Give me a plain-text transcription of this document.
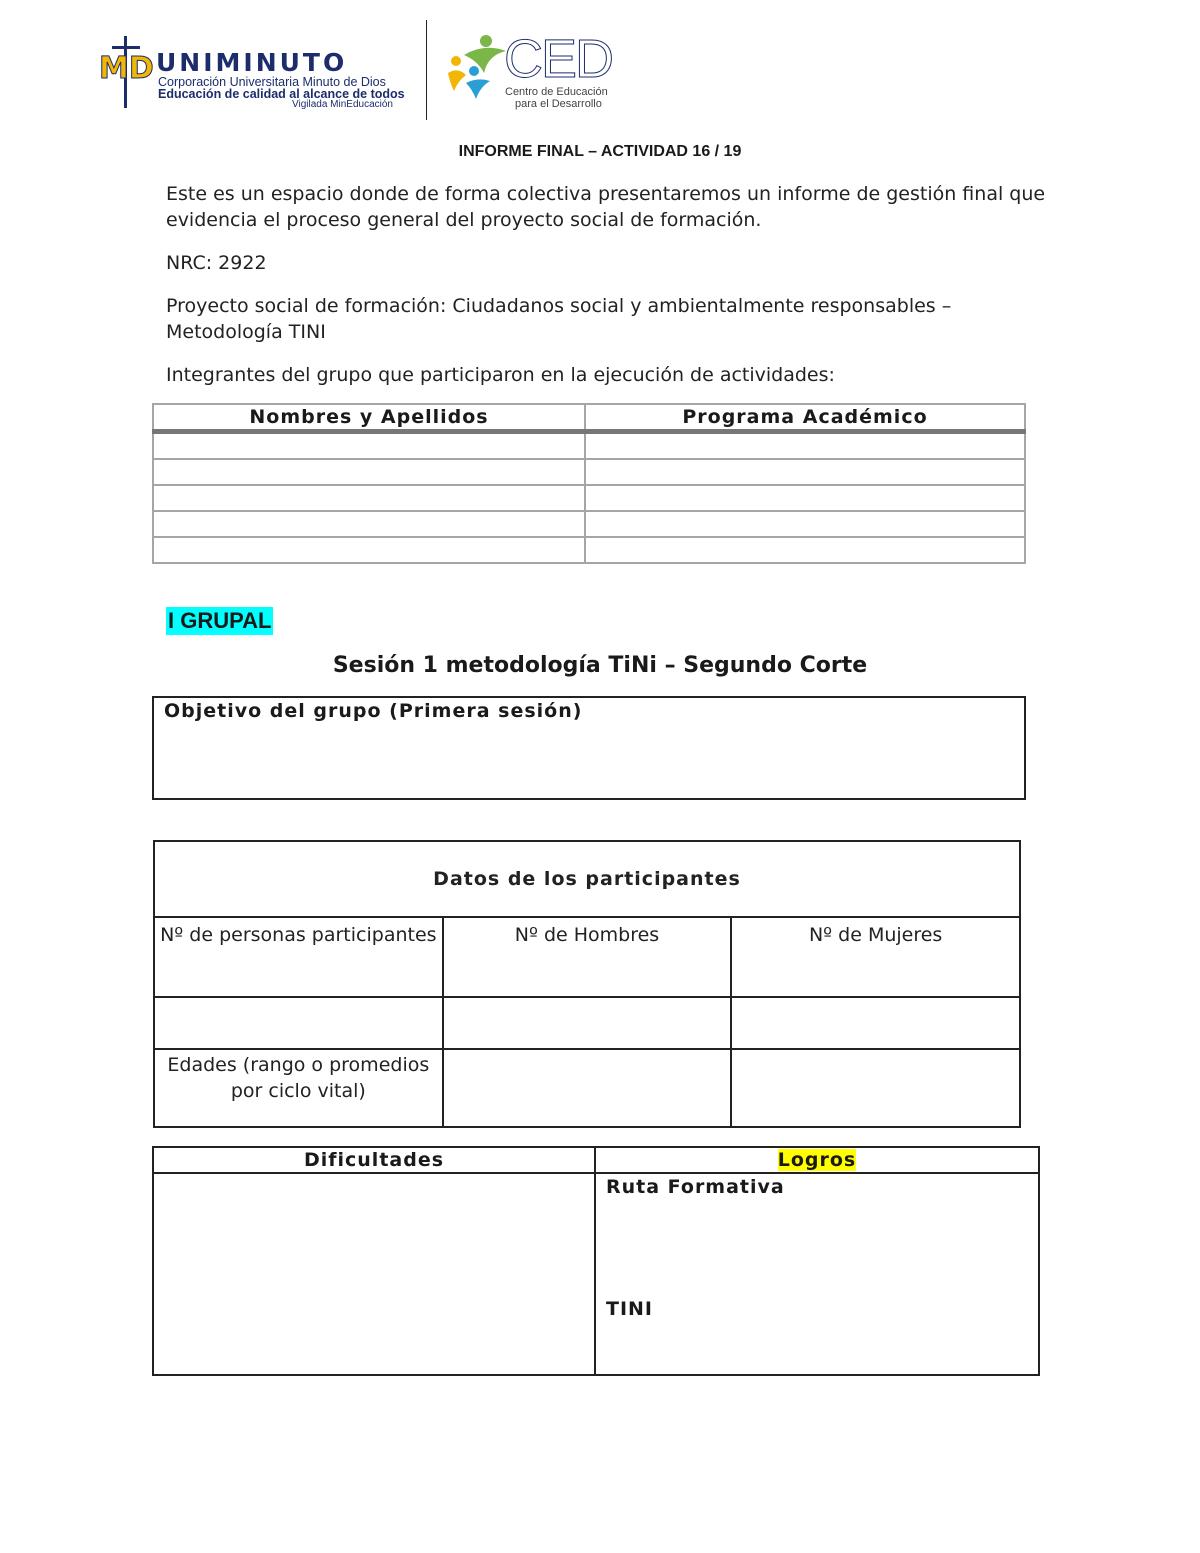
MD UNIMINUTO
Corporación Universitaria Minuto de Dios
Educación de calidad al alcance de todos
Vigilada MinEducación
CED
Centro de Educación
para el Desarrollo
INFORME FINAL – ACTIVIDAD 16 / 19
Este es un espacio donde de forma colectiva presentaremos un informe de gestión final que evidencia el proceso general del proyecto social de formación.
NRC: 2922
Proyecto social de formación: Ciudadanos social y ambientalmente responsables – Metodología TINI
Integrantes del grupo que participaron en la ejecución de actividades:
Nombres y Apellidos	Programa Académico

I GRUPAL
Sesión 1 metodología TiNi – Segundo Corte
Objetivo del grupo (Primera sesión)
Datos de los participantes		
Nº de personas participantes	Nº de Hombres	Nº de Mujeres

Edades (rango o promedios por ciclo vital)		
Dificultades	Logros

	Ruta Formativa
TINI
